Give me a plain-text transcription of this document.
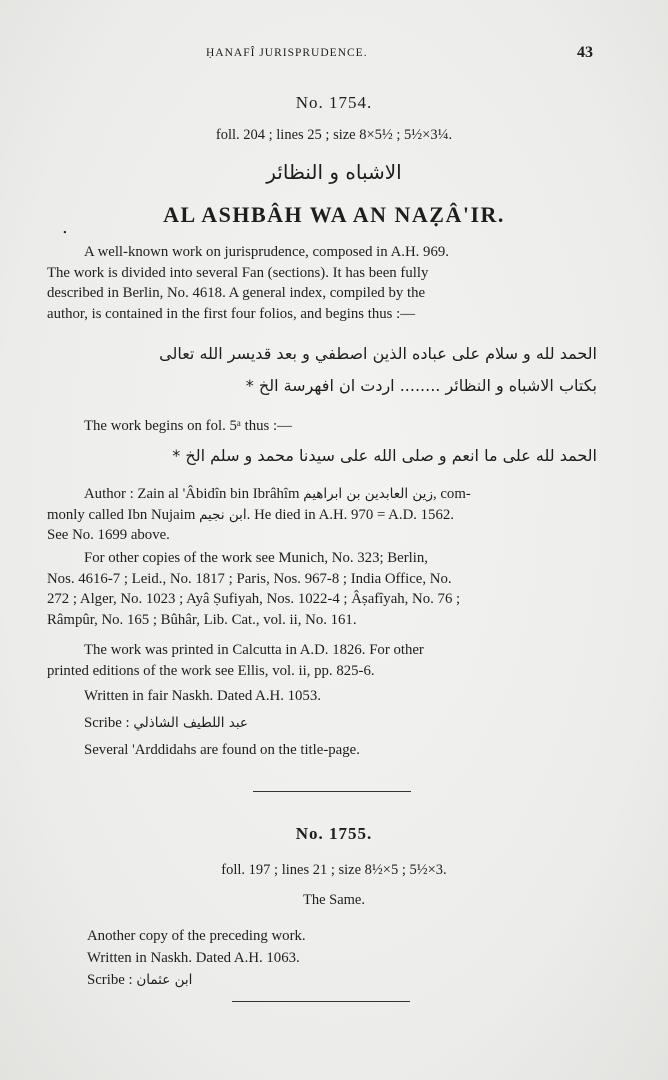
ḤANAFÎ JURISPRUDENCE.	43
No. 1754.
foll. 204 ; lines 25 ; size 8×5½ ; 5½×3¼.
الاشباه و النظائر
.
AL ASHBÂH WA AN NAẒÂ'IR.
A well-known work on jurisprudence, composed in A.H. 969.
The work is divided into several Fan (sections). It has been fully
described in Berlin, No. 4618. A general index, compiled by the
author, is contained in the first four folios, and begins thus :—
الحمد لله و سلام على عباده الذين اصطفي و بعد قديسر الله تعالى
بكتاب الاشباه و النظائر ........ اردت ان افهرسة الخ *
The work begins on fol. 5ᵃ thus :—
الحمد لله على ما انعم و صلى الله على سيدنا محمد و سلم الخ *
Author : Zain al 'Âbidîn bin Ibrâhîm زين العابدين بن ابراهيم, com-
monly called Ibn Nujaim ابن نجيم. He died in A.H. 970 = A.D. 1562.
See No. 1699 above.
For other copies of the work see Munich, No. 323; Berlin,
Nos. 4616-7 ; Leid., No. 1817 ; Paris, Nos. 967-8 ; India Office, No.
272 ; Alger, No. 1023 ; Ayâ Ṣufiyah, Nos. 1022-4 ; Âṣafîyah, No. 76 ;
Râmpûr, No. 165 ; Bûhâr, Lib. Cat., vol. ii, No. 161.
The work was printed in Calcutta in A.D. 1826. For other
printed editions of the work see Ellis, vol. ii, pp. 825-6.
Written in fair Naskh. Dated A.H. 1053.
Scribe : عبد اللطيف الشاذلي
Several 'Arddidahs are found on the title-page.
No. 1755.
foll. 197 ; lines 21 ; size 8½×5 ; 5½×3.
The Same.
Another copy of the preceding work.
Written in Naskh. Dated A.H. 1063.
Scribe : ابن عثمان
